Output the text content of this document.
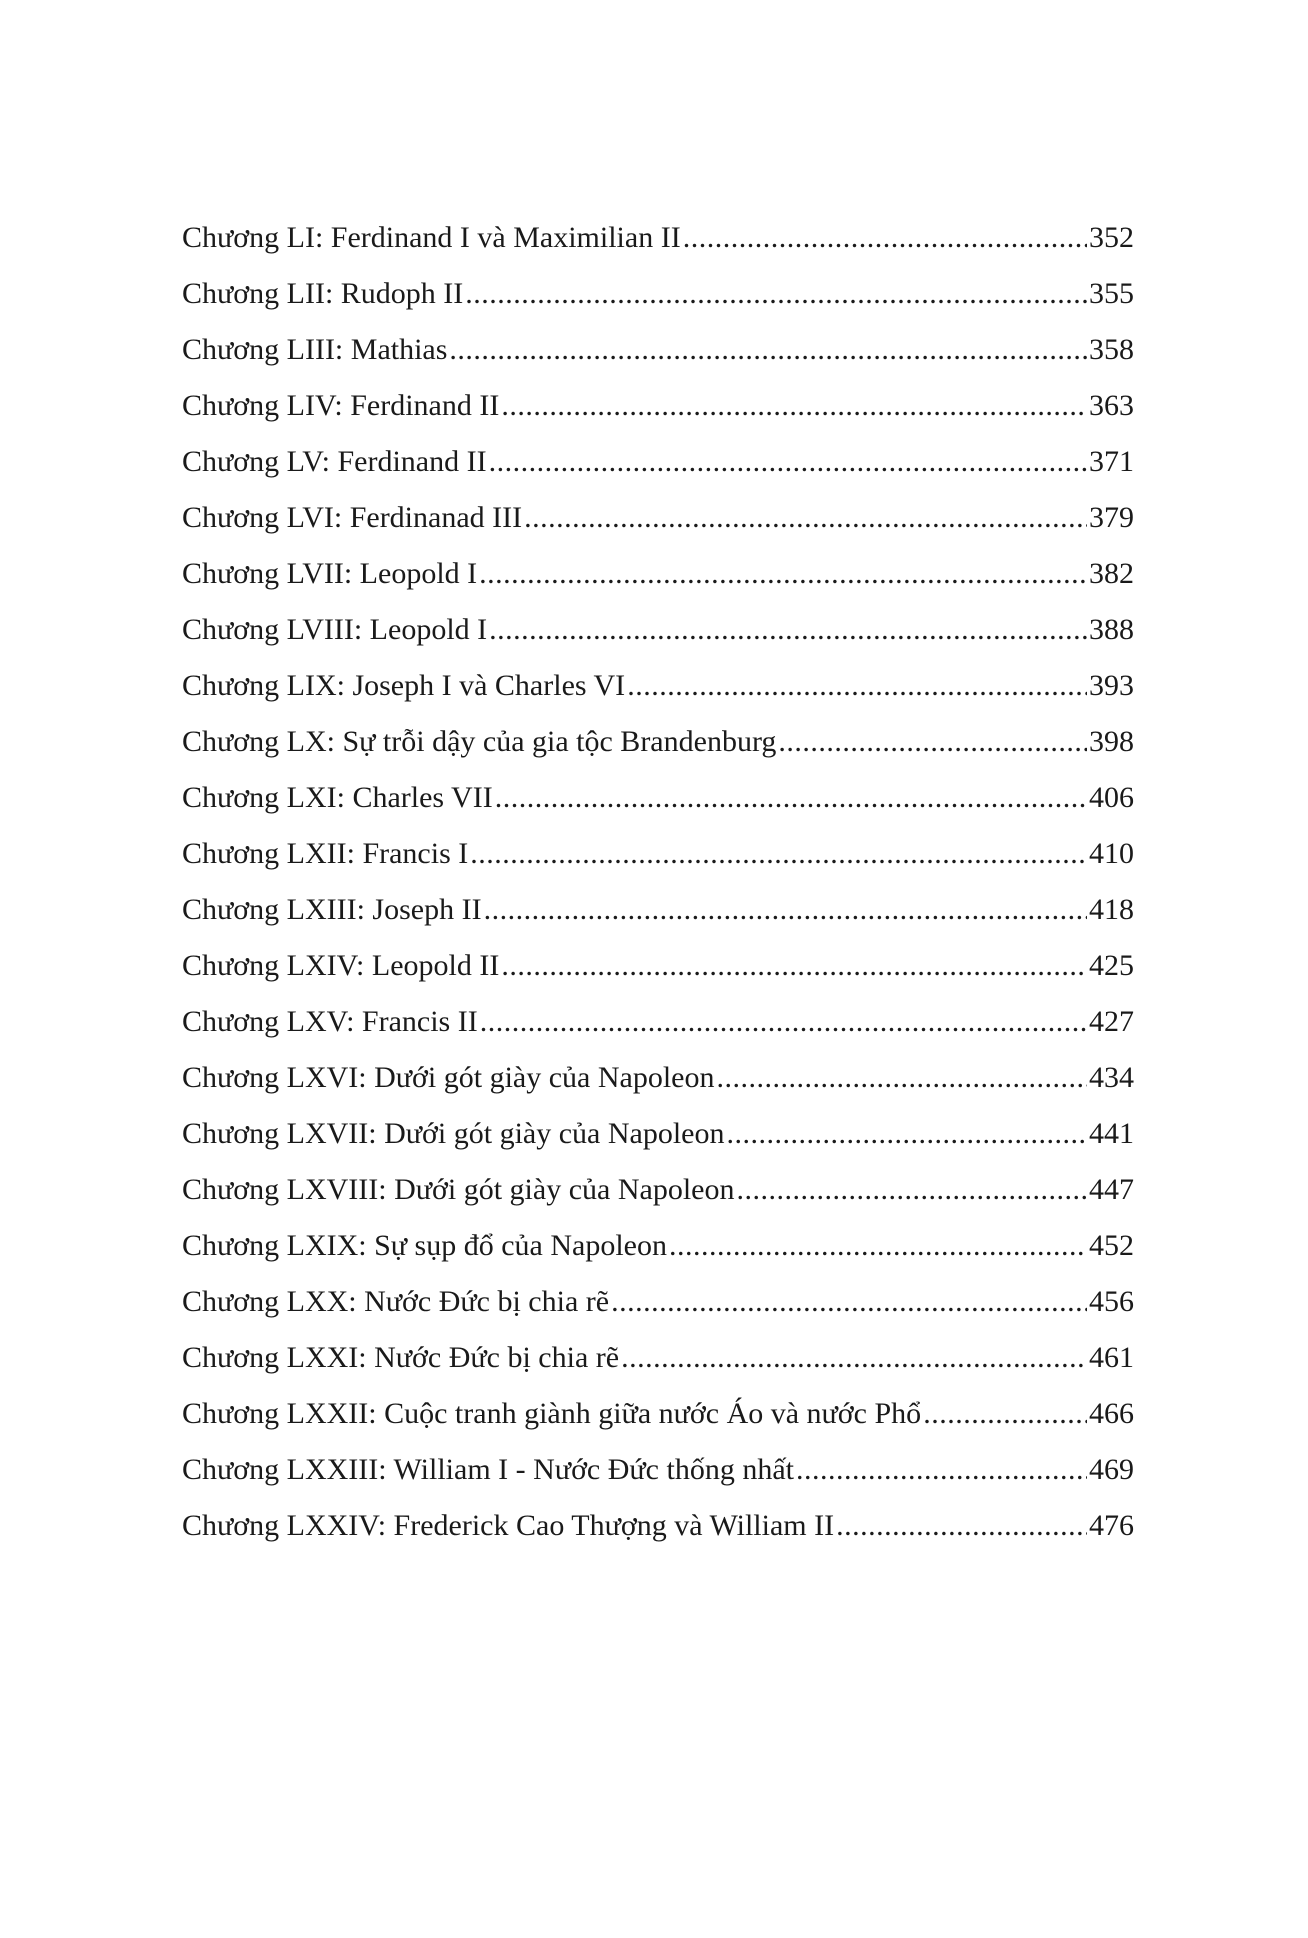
Chương LI: Ferdinand I và Maximilian II .....	352
Chương LII: Rudoph II .....	355
Chương LIII: Mathias .....	358
Chương LIV: Ferdinand II .....	363
Chương LV: Ferdinand II .....	371
Chương LVI: Ferdinanad III .....	379
Chương LVII: Leopold I .....	382
Chương LVIII: Leopold I .....	388
Chương LIX: Joseph I và Charles VI .....	393
Chương LX: Sự trỗi dậy của gia tộc Brandenburg .....	398
Chương LXI: Charles VII .....	406
Chương LXII: Francis I .....	410
Chương LXIII: Joseph II .....	418
Chương LXIV: Leopold II .....	425
Chương LXV: Francis II .....	427
Chương LXVI: Dưới gót giày của Napoleon .....	434
Chương LXVII: Dưới gót giày của Napoleon .....	441
Chương LXVIII: Dưới gót giày của Napoleon .....	447
Chương LXIX: Sự sụp đổ của Napoleon .....	452
Chương LXX: Nước Đức bị chia rẽ .....	456
Chương LXXI: Nước Đức bị chia rẽ .....	461
Chương LXXII: Cuộc tranh giành giữa nước Áo và nước Phổ .....	466
Chương LXXIII: William I - Nước Đức thống nhất .....	469
Chương LXXIV: Frederick Cao Thượng và William II .....	476
